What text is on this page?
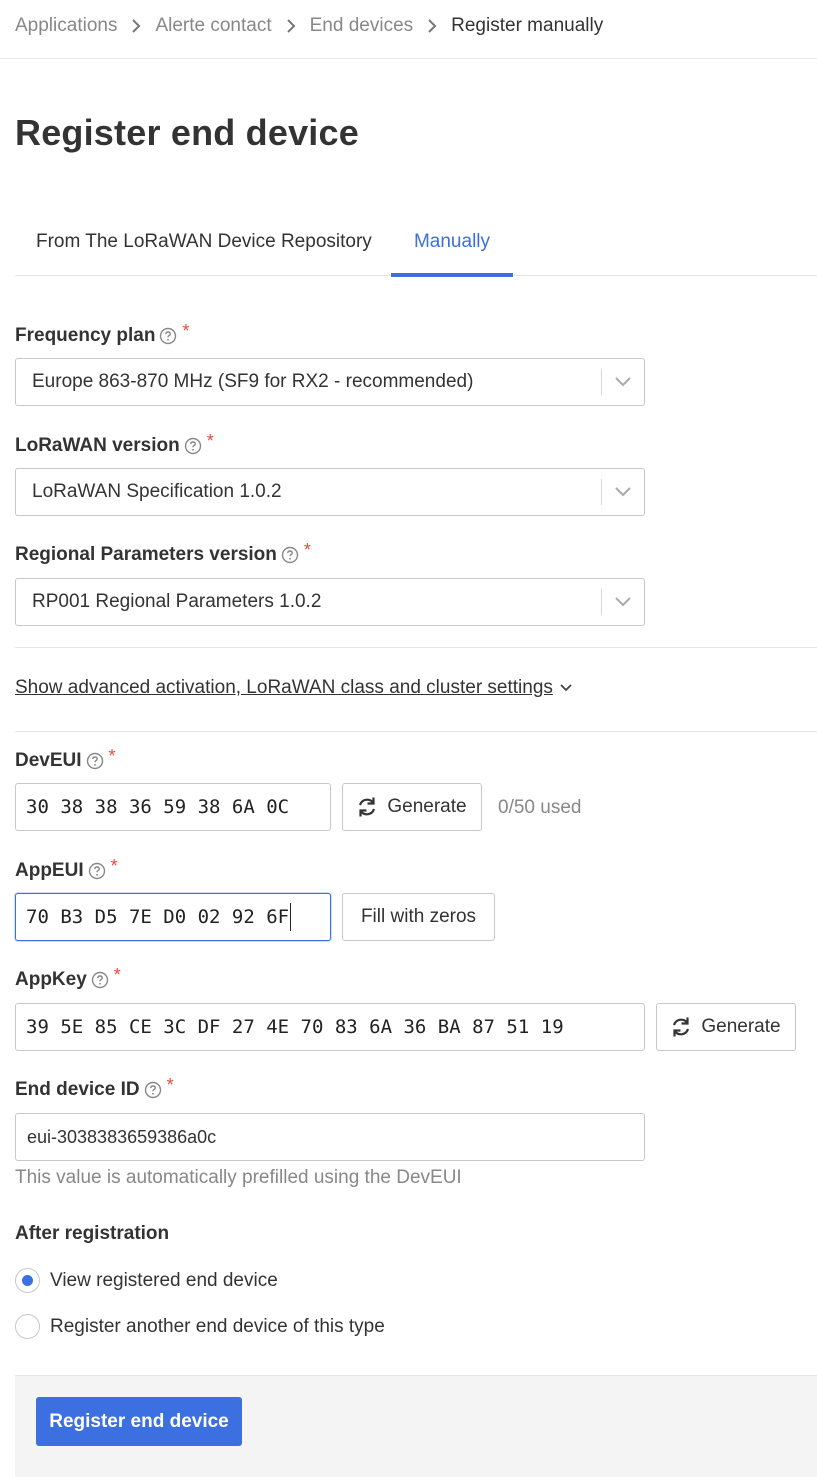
Applications Alerte contact End devices Register manually
Register end device
From The LoRaWAN Device Repository Manually
Frequency plan *
Europe 863-870 MHz (SF9 for RX2 - recommended)
LoRaWAN version *
LoRaWAN Specification 1.0.2
Regional Parameters version *
RP001 Regional Parameters 1.0.2
Show advanced activation, LoRaWAN class and cluster settings
DevEUI *
30 38 38 36 59 38 6A 0C	Generate 0/50 used
AppEUI *
70 B3 D5 7E D0 02 92 6F	Fill with zeros
AppKey *
39 5E 85 CE 3C DF 27 4E 70 83 6A 36 BA 87 51 19	Generate
End device ID *
eui-3038383659386a0c
This value is automatically prefilled using the DevEUI
After registration
View registered end device
Register another end device of this type
Register end device
